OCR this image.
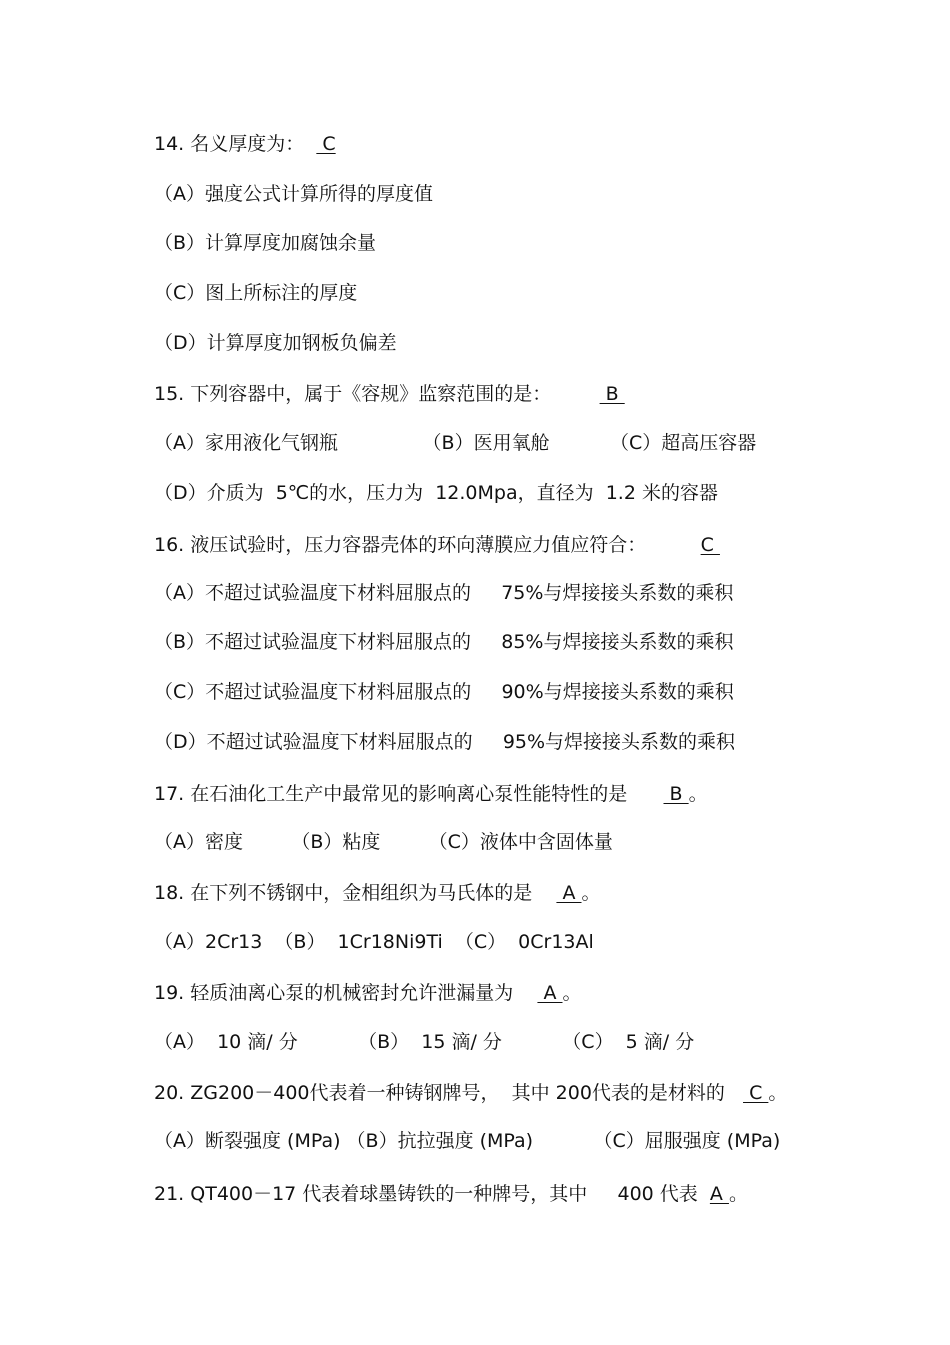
14. 名义厚度为：   C
（A）强度公式计算所得的厚度值
（B）计算厚度加腐蚀余量
（C）图上所标注的厚度
（D）计算厚度加钢板负偏差
15. 下列容器中，属于《容规》监察范围的是：         B
（A）家用液化气钢瓶              （B）医用氧舱          （C）超高压容器
（D）介质为  5℃的水，压力为  12.0Mpa，直径为  1.2 米的容器
16. 液压试验时，压力容器壳体的环向薄膜应力值应符合：         C
（A）不超过试验温度下材料屈服点的     75%与焊接接头系数的乘积
（B）不超过试验温度下材料屈服点的     85%与焊接接头系数的乘积
（C）不超过试验温度下材料屈服点的     90%与焊接接头系数的乘积
（D）不超过试验温度下材料屈服点的     95%与焊接接头系数的乘积
17. 在石油化工生产中最常见的影响离心泵性能特性的是       B 。
（A）密度        （B）粘度        （C）液体中含固体量
18. 在下列不锈钢中，金相组织为马氏体的是     A 。
（A）2Cr13  （B）  1Cr18Ni9Ti  （C）  0Cr13Al
19. 轻质油离心泵的机械密封允许泄漏量为     A 。
（A）  10 滴/ 分          （B）  15 滴/ 分          （C）  5 滴/ 分
20. ZG200－400代表着一种铸钢牌号，  其中 200代表的是材料的    C 。
（A）断裂强度 (MPa) （B）抗拉强度 (MPa)          （C）屈服强度 (MPa)
21. QT400－17 代表着球墨铸铁的一种牌号，其中     400 代表  A 。
